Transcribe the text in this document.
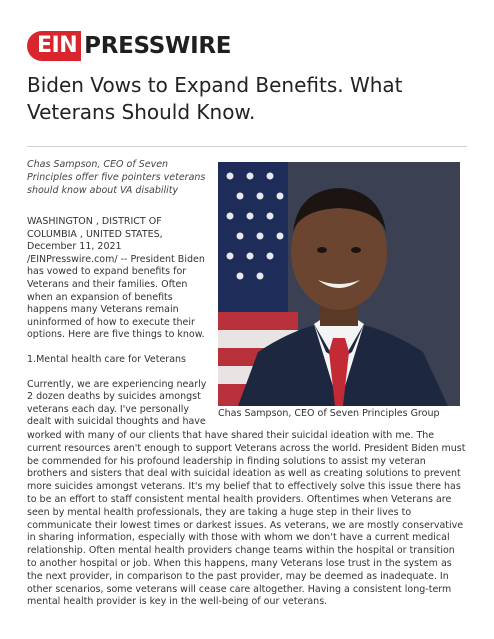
EIN PRESSWIRE
Biden Vows to Expand Benefits. What Veterans Should Know.

Chas Sampson, CEO of Seven Principles offer five pointers veterans should know about VA disability

Chas Sampson, CEO of Seven Principles Group

WASHINGTON , DISTRICT OF COLUMBIA , UNITED STATES, December 11, 2021 /EINPresswire.com/ -- President Biden has vowed to expand benefits for Veterans and their families. Often when an expansion of benefits happens many Veterans remain uninformed of how to execute their options. Here are five things to know.

1.Mental health care for Veterans

Currently, we are experiencing nearly 2 dozen deaths by suicides amongst veterans each day. I've personally dealt with suicidal thoughts and have

worked with many of our clients that have shared their suicidal ideation with me. The current resources aren't enough to support Veterans across the world. President Biden must be commended for his profound leadership in finding solutions to assist my veteran brothers and sisters that deal with suicidal ideation as well as creating solutions to prevent more suicides amongst veterans. It's my belief that to effectively solve this issue there has to be an effort to staff consistent mental health providers. Oftentimes when Veterans are seen by mental health professionals, they are taking a huge step in their lives to communicate their lowest times or darkest issues. As veterans, we are mostly conservative in sharing information, especially with those with whom we don't have a current medical relationship. Often mental health providers change teams within the hospital or transition to another hospital or job. When this happens, many Veterans lose trust in the system as the next provider, in comparison to the past provider, may be deemed as inadequate. In other scenarios, some veterans will cease care altogether. Having a consistent long-term mental health provider is key in the well-being of our veterans.
